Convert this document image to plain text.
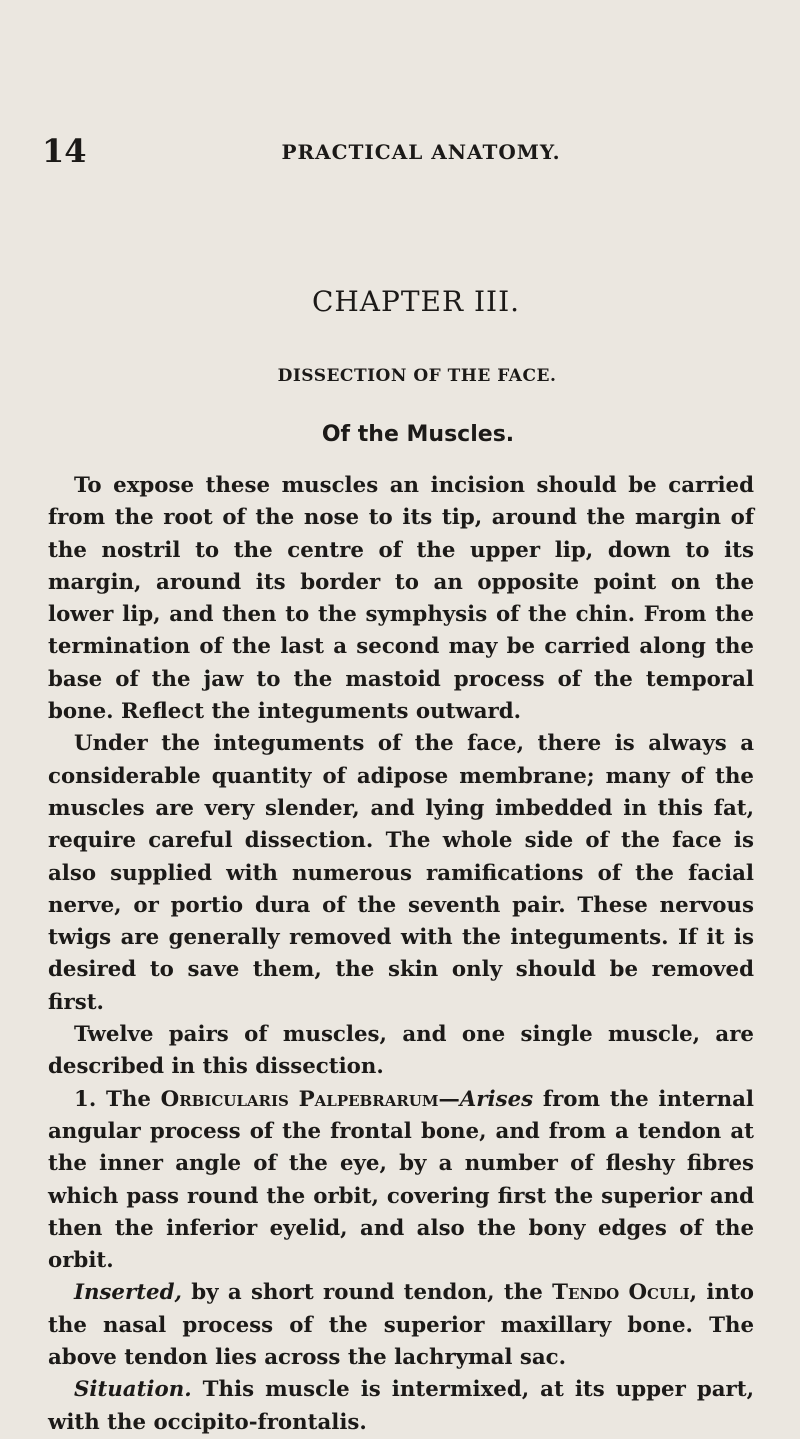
14	PRACTICAL ANATOMY.
CHAPTER III.
DISSECTION OF THE FACE.
Of the Muscles.

To expose these muscles an incision should be carried from the root of the nose to its tip, around the margin of the nostril to the centre of the upper lip, down to its margin, around its border to an opposite point on the lower lip, and then to the symphysis of the chin. From the termination of the last a second may be carried along the base of the jaw to the mastoid process of the temporal bone. Reflect the integuments outward.

Under the integuments of the face, there is always a considerable quantity of adipose membrane; many of the muscles are very slender, and lying imbedded in this fat, require careful dissection. The whole side of the face is also supplied with numerous ramifications of the facial nerve, or portio dura of the seventh pair. These nervous twigs are generally removed with the integuments. If it is desired to save them, the skin only should be removed first.

Twelve pairs of muscles, and one single muscle, are described in this dissection.

1. The Orbicularis Palpebrarum—Arises from the internal angular process of the frontal bone, and from a tendon at the inner angle of the eye, by a number of fleshy fibres which pass round the orbit, covering first the superior and then the inferior eyelid, and also the bony edges of the orbit.

Inserted, by a short round tendon, the Tendo Oculi, into the nasal process of the superior maxillary bone. The above tendon lies across the lachrymal sac.

Situation. This muscle is intermixed, at its upper part, with the occipito-frontalis.
